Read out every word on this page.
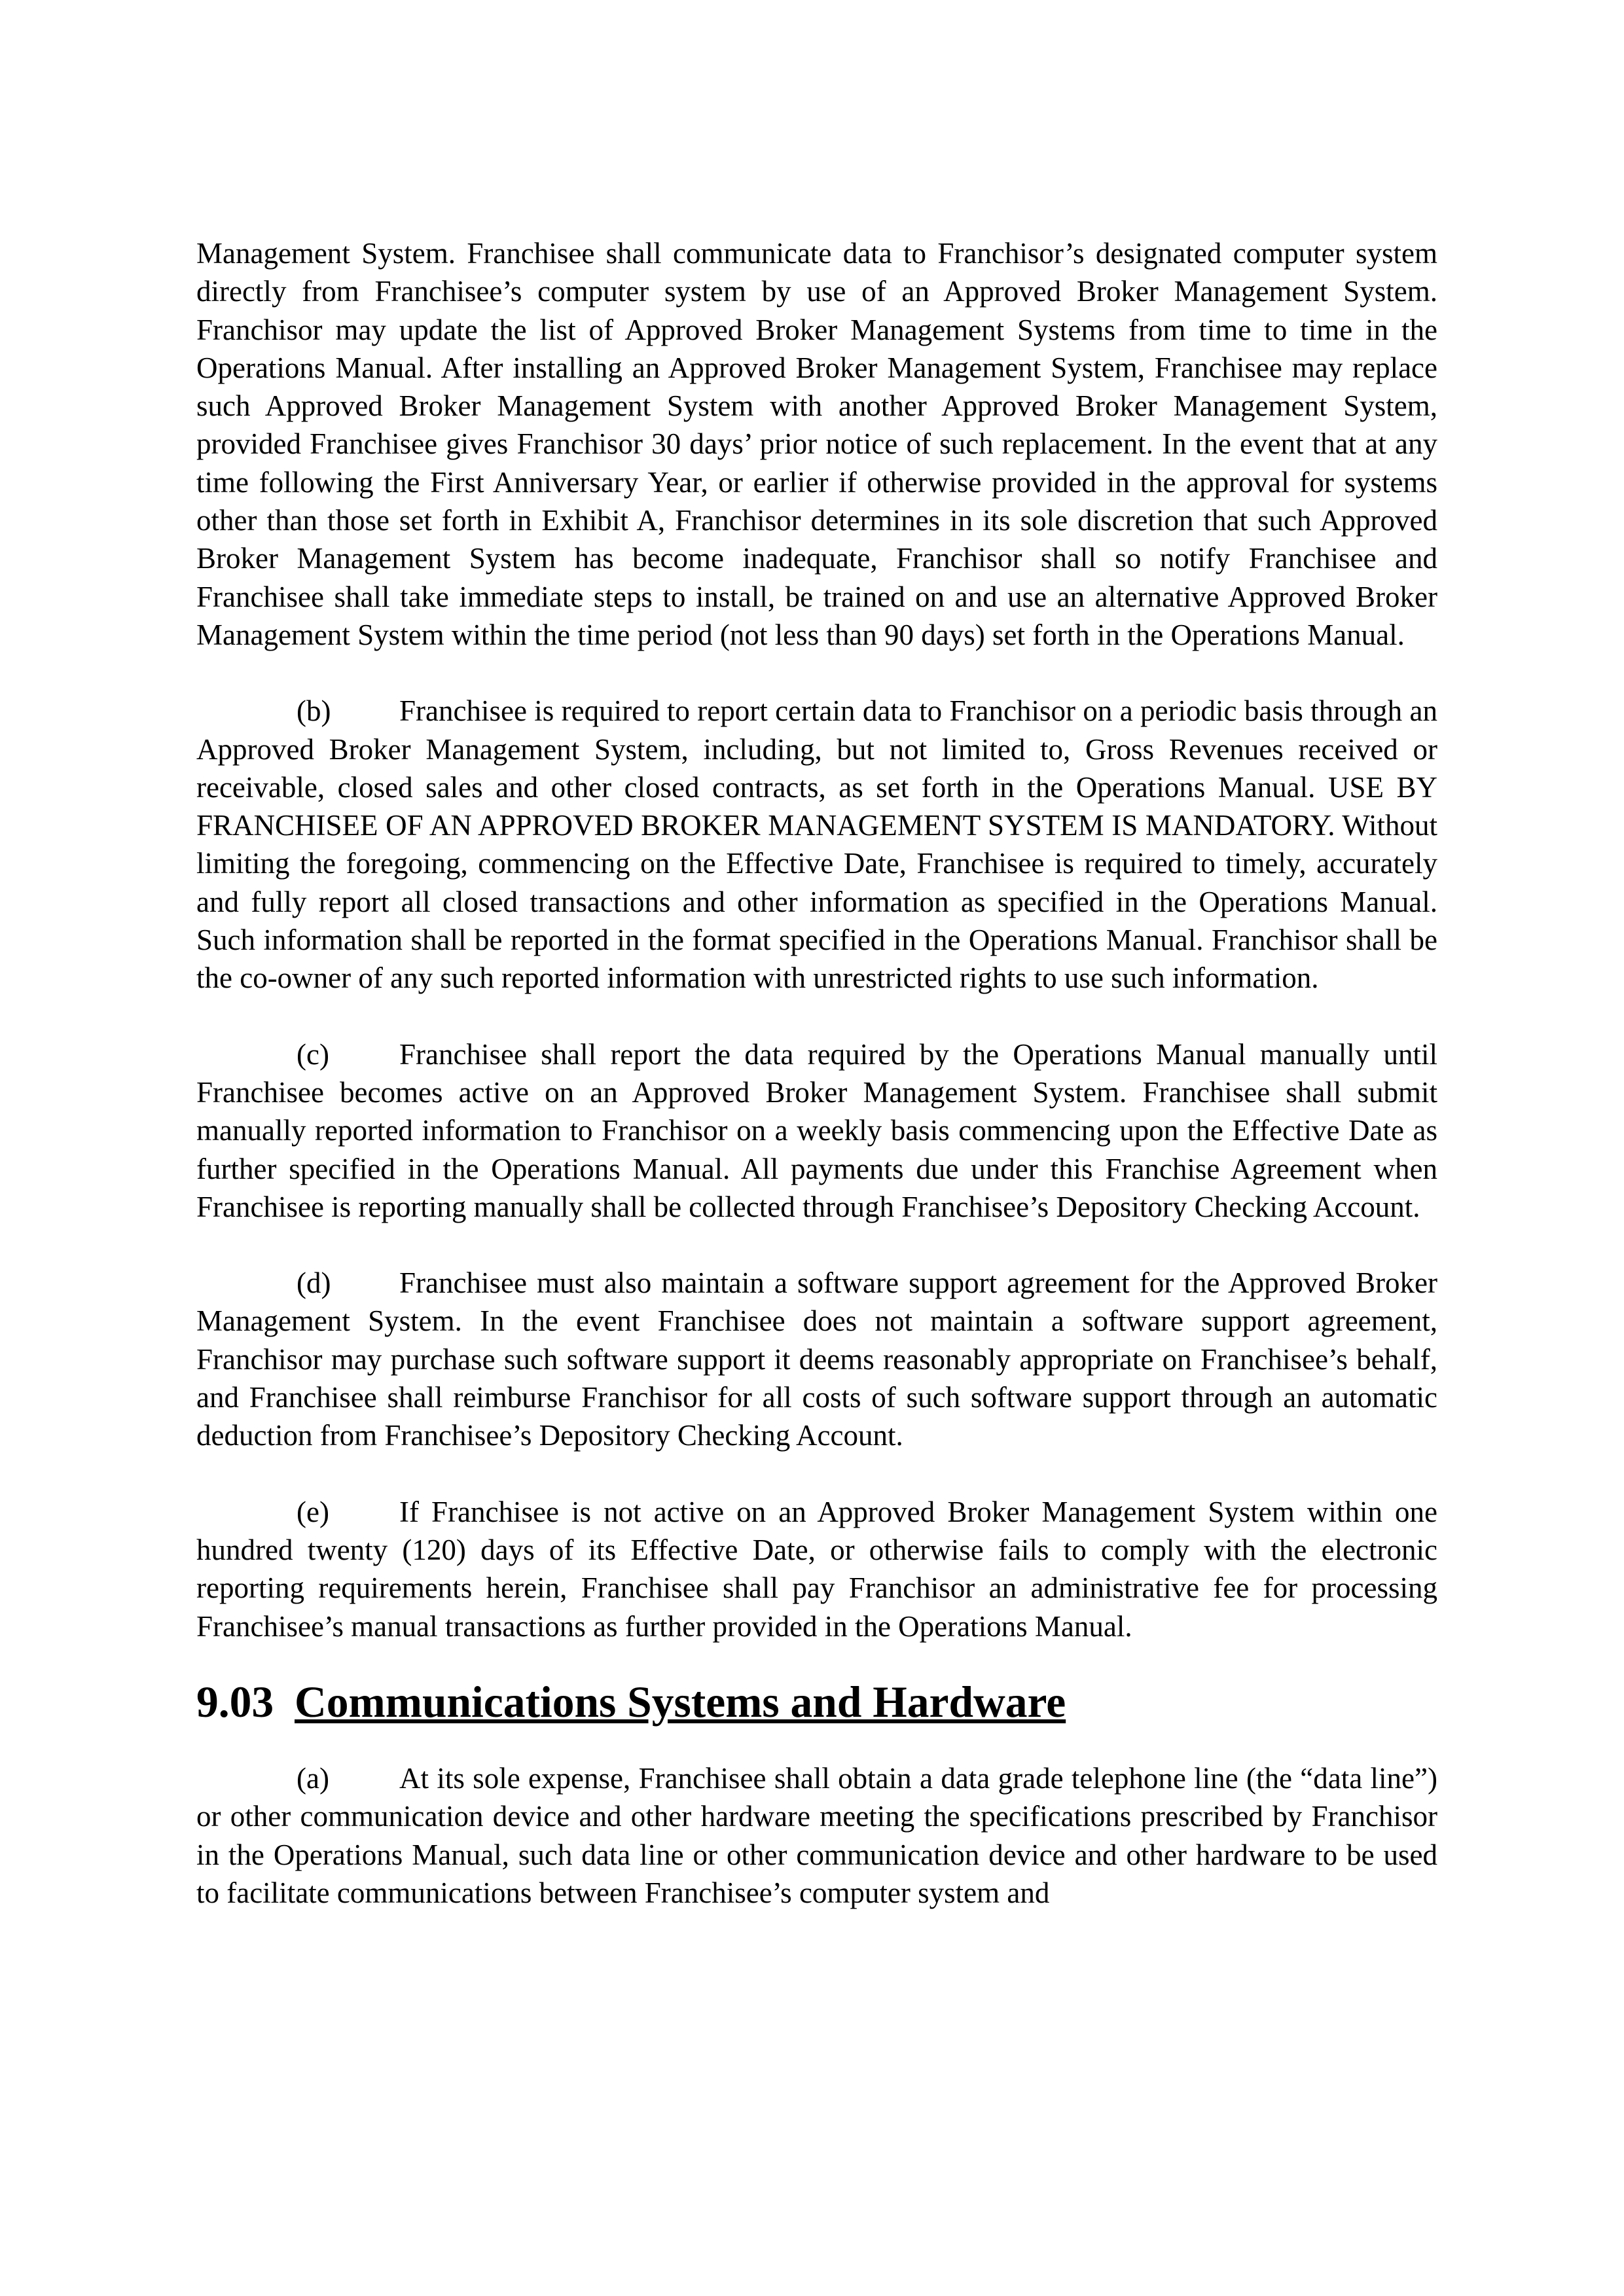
Management System. Franchisee shall communicate data to Franchisor’s designated computer system directly from Franchisee’s computer system by use of an Approved Broker Management System. Franchisor may update the list of Approved Broker Management Systems from time to time in the Operations Manual. After installing an Approved Broker Management System, Franchisee may replace such Approved Broker Management System with another Approved Broker Management System, provided Franchisee gives Franchisor 30 days’ prior notice of such replacement. In the event that at any time following the First Anniversary Year, or earlier if otherwise provided in the approval for systems other than those set forth in Exhibit A, Franchisor determines in its sole discretion that such Approved Broker Management System has become inadequate, Franchisor shall so notify Franchisee and Franchisee shall take immediate steps to install, be trained on and use an alternative Approved Broker Management System within the time period (not less than 90 days) set forth in the Operations Manual.

(b) Franchisee is required to report certain data to Franchisor on a periodic basis through an Approved Broker Management System, including, but not limited to, Gross Revenues received or receivable, closed sales and other closed contracts, as set forth in the Operations Manual. USE BY FRANCHISEE OF AN APPROVED BROKER MANAGEMENT SYSTEM IS MANDATORY. Without limiting the foregoing, commencing on the Effective Date, Franchisee is required to timely, accurately and fully report all closed transactions and other information as specified in the Operations Manual. Such information shall be reported in the format specified in the Operations Manual. Franchisor shall be the co-owner of any such reported information with unrestricted rights to use such information.

(c) Franchisee shall report the data required by the Operations Manual manually until Franchisee becomes active on an Approved Broker Management System. Franchisee shall submit manually reported information to Franchisor on a weekly basis commencing upon the Effective Date as further specified in the Operations Manual. All payments due under this Franchise Agreement when Franchisee is reporting manually shall be collected through Franchisee’s Depository Checking Account.

(d) Franchisee must also maintain a software support agreement for the Approved Broker Management System. In the event Franchisee does not maintain a software support agreement, Franchisor may purchase such software support it deems reasonably appropriate on Franchisee’s behalf, and Franchisee shall reimburse Franchisor for all costs of such software support through an automatic deduction from Franchisee’s Depository Checking Account.

(e) If Franchisee is not active on an Approved Broker Management System within one hundred twenty (120) days of its Effective Date, or otherwise fails to comply with the electronic reporting requirements herein, Franchisee shall pay Franchisor an administrative fee for processing Franchisee’s manual transactions as further provided in the Operations Manual.

9.03 Communications Systems and Hardware

(a) At its sole expense, Franchisee shall obtain a data grade telephone line (the “data line”) or other communication device and other hardware meeting the specifications prescribed by Franchisor in the Operations Manual, such data line or other communication device and other hardware to be used to facilitate communications between Franchisee’s computer system and
